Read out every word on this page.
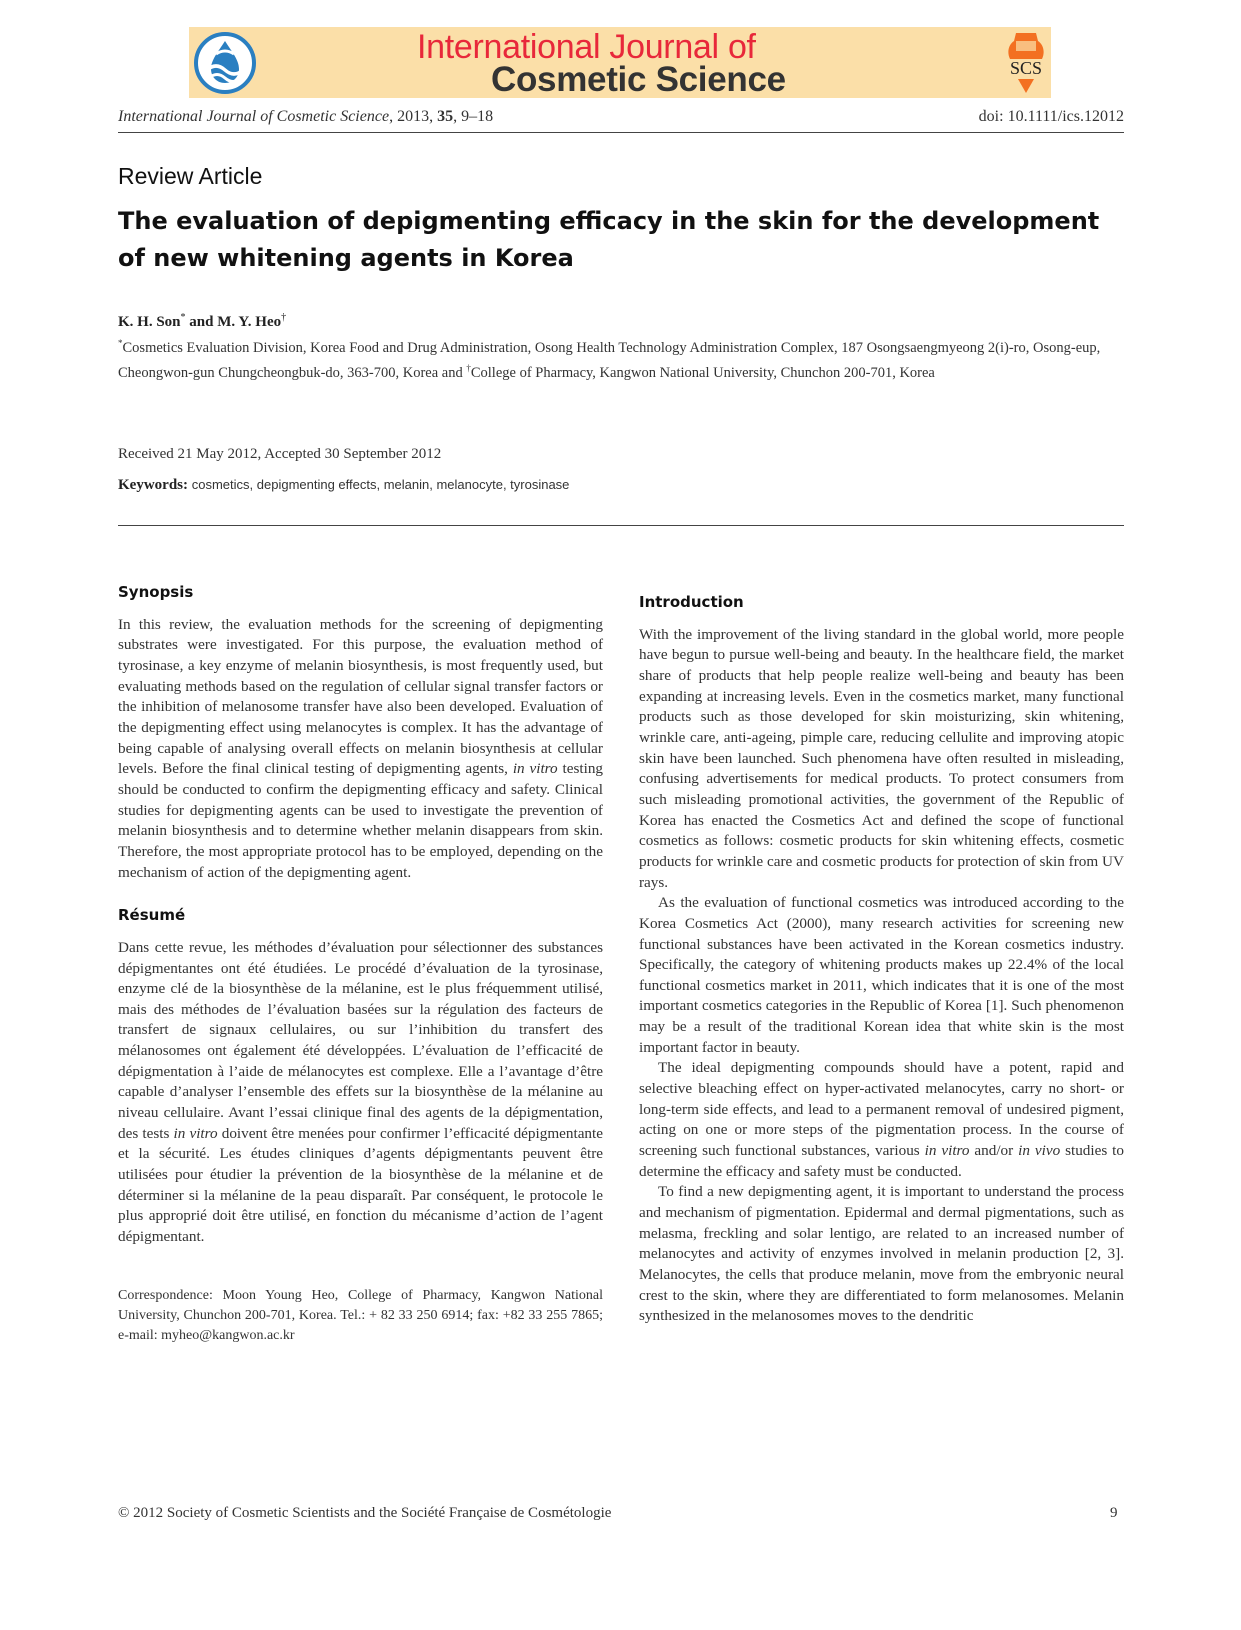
International Journal of
Cosmetic Science	SCS
International Journal of Cosmetic Science, 2013, 35, 9–18	doi: 10.1111/ics.12012
Review Article
The evaluation of depigmenting efficacy in the skin for the development of new whitening agents in Korea
K. H. Son* and M. Y. Heo†
*Cosmetics Evaluation Division, Korea Food and Drug Administration, Osong Health Technology Administration Complex, 187 Osongsaengmyeong 2(i)-ro, Osong-eup, Cheongwon-gun Chungcheongbuk-do, 363-700, Korea and †College of Pharmacy, Kangwon National University, Chunchon 200-701, Korea
Received 21 May 2012, Accepted 30 September 2012
Keywords: cosmetics, depigmenting effects, melanin, melanocyte, tyrosinase
Synopsis

In this review, the evaluation methods for the screening of depigmenting substrates were investigated. For this purpose, the evaluation method of tyrosinase, a key enzyme of melanin biosynthesis, is most frequently used, but evaluating methods based on the regulation of cellular signal transfer factors or the inhibition of melanosome transfer have also been developed. Evaluation of the depigmenting effect using melanocytes is complex. It has the advantage of being capable of analysing overall effects on melanin biosynthesis at cellular levels. Before the final clinical testing of depigmenting agents, in vitro testing should be conducted to confirm the depigmenting efficacy and safety. Clinical studies for depigmenting agents can be used to investigate the prevention of melanin biosynthesis and to determine whether melanin disappears from skin. Therefore, the most appropriate protocol has to be employed, depending on the mechanism of action of the depigmenting agent.

Résumé

Dans cette revue, les méthodes d’évaluation pour sélectionner des substances dépigmentantes ont été étudiées. Le procédé d’évaluation de la tyrosinase, enzyme clé de la biosynthèse de la mélanine, est le plus fréquemment utilisé, mais des méthodes de l’évaluation basées sur la régulation des facteurs de transfert de signaux cellulaires, ou sur l’inhibition du transfert des mélanosomes ont également été développées. L’évaluation de l’efficacité de dépigmentation à l’aide de mélanocytes est complexe. Elle a l’avantage d’être capable d’analyser l’ensemble des effets sur la biosynthèse de la mélanine au niveau cellulaire. Avant l’essai clinique final des agents de la dépigmentation, des tests in vitro doivent être menées pour confirmer l’efficacité dépigmentante et la sécurité. Les études cliniques d’agents dépigmentants peuvent être utilisées pour étudier la prévention de la biosynthèse de la mélanine et de déterminer si la mélanine de la peau disparaît. Par conséquent, le protocole le plus approprié doit être utilisé, en fonction du mécanisme d’action de l’agent dépigmentant.

Correspondence: Moon Young Heo, College of Pharmacy, Kangwon National University, Chunchon 200-701, Korea. Tel.: + 82 33 250 6914; fax: +82 33 255 7865; e-mail: myheo@kangwon.ac.kr
Introduction

With the improvement of the living standard in the global world, more people have begun to pursue well-being and beauty. In the healthcare field, the market share of products that help people realize well-being and beauty has been expanding at increasing levels. Even in the cosmetics market, many functional products such as those developed for skin moisturizing, skin whitening, wrinkle care, anti-ageing, pimple care, reducing cellulite and improving atopic skin have been launched. Such phenomena have often resulted in misleading, confusing advertisements for medical products. To protect consumers from such misleading promotional activities, the government of the Republic of Korea has enacted the Cosmetics Act and defined the scope of functional cosmetics as follows: cosmetic products for skin whitening effects, cosmetic products for wrinkle care and cosmetic products for protection of skin from UV rays.

As the evaluation of functional cosmetics was introduced according to the Korea Cosmetics Act (2000), many research activities for screening new functional substances have been activated in the Korean cosmetics industry. Specifically, the category of whitening products makes up 22.4% of the local functional cosmetics market in 2011, which indicates that it is one of the most important cosmetics categories in the Republic of Korea [1]. Such phenomenon may be a result of the traditional Korean idea that white skin is the most important factor in beauty.

The ideal depigmenting compounds should have a potent, rapid and selective bleaching effect on hyper-activated melanocytes, carry no short- or long-term side effects, and lead to a permanent removal of undesired pigment, acting on one or more steps of the pigmentation process. In the course of screening such functional substances, various in vitro and/or in vivo studies to determine the efficacy and safety must be conducted.

To find a new depigmenting agent, it is important to understand the process and mechanism of pigmentation. Epidermal and dermal pigmentations, such as melasma, freckling and solar lentigo, are related to an increased number of melanocytes and activity of enzymes involved in melanin production [2, 3]. Melanocytes, the cells that produce melanin, move from the embryonic neural crest to the skin, where they are differentiated to form melanosomes. Melanin synthesized in the melanosomes moves to the dendritic

© 2012 Society of Cosmetic Scientists and the Société Française de Cosmétologie	9
